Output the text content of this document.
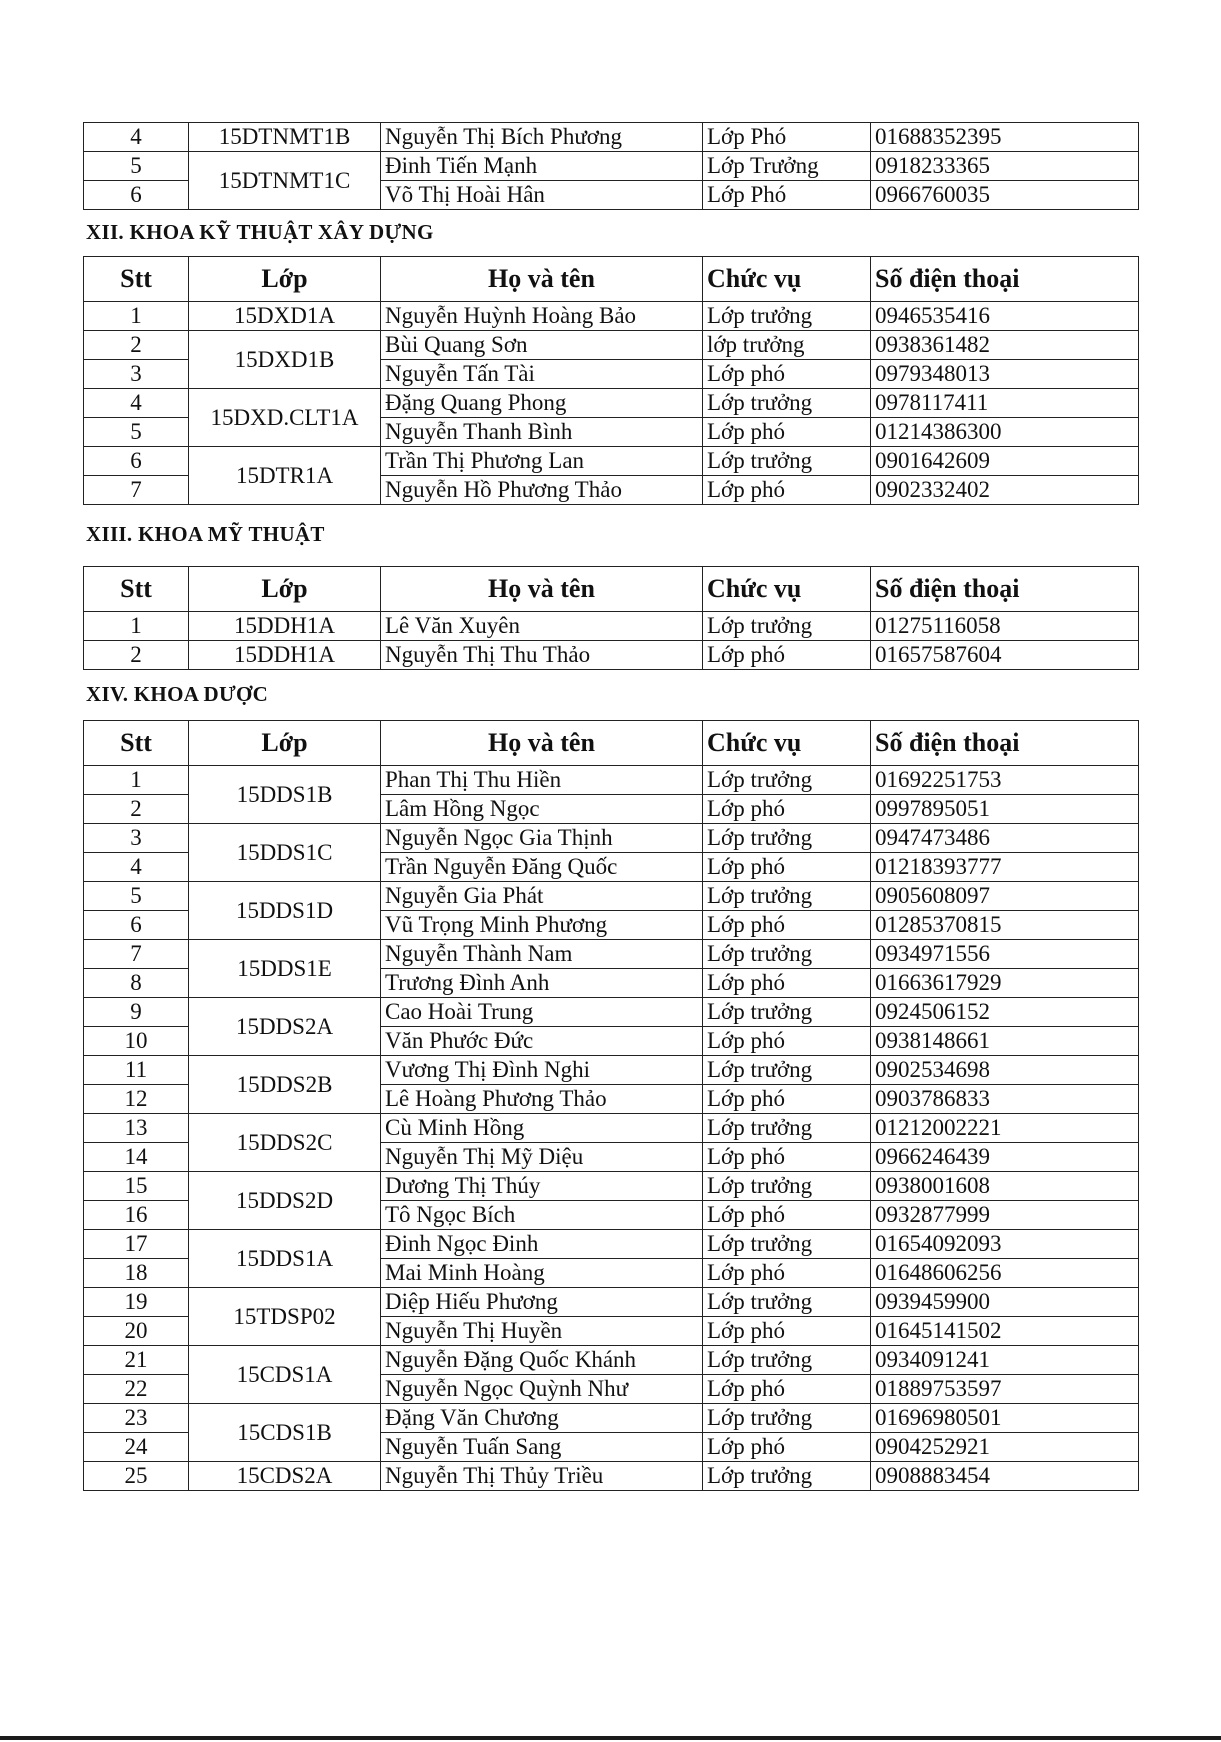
4	15DTNMT1B	Nguyễn Thị Bích Phương	Lớp Phó	01688352395
5	15DTNMT1C	Đinh Tiến Mạnh	Lớp Trưởng	0918233365
6		Võ Thị Hoài Hân	Lớp Phó	0966760035
XII. KHOA KỸ THUẬT XÂY DỰNG
Stt	Lớp	Họ và tên	Chức vụ	Số điện thoại
1	15DXD1A	Nguyễn Huỳnh Hoàng Bảo	Lớp trưởng	0946535416
2	15DXD1B	Bùi Quang Sơn	lớp trưởng	0938361482
3		Nguyễn Tấn Tài	Lớp phó	0979348013
4	15DXD.CLT1A	Đặng Quang Phong	Lớp trưởng	0978117411
5		Nguyễn Thanh Bình	Lớp phó	01214386300
6	15DTR1A	Trần Thị Phương Lan	Lớp trưởng	0901642609
7		Nguyễn Hồ Phương Thảo	Lớp phó	0902332402
XIII. KHOA MỸ THUẬT
Stt	Lớp	Họ và tên	Chức vụ	Số điện thoại
1	15DDH1A	Lê Văn Xuyên	Lớp trưởng	01275116058
2	15DDH1A	Nguyễn Thị Thu Thảo	Lớp phó	01657587604
XIV. KHOA DƯỢC
Stt	Lớp	Họ và tên	Chức vụ	Số điện thoại
1	15DDS1B	Phan Thị Thu Hiền	Lớp trưởng	01692251753
2		Lâm Hồng Ngọc	Lớp phó	0997895051
3	15DDS1C	Nguyễn Ngọc Gia Thịnh	Lớp trưởng	0947473486
4		Trần Nguyễn Đăng Quốc	Lớp phó	01218393777
5	15DDS1D	Nguyễn Gia Phát	Lớp trưởng	0905608097
6		Vũ Trọng Minh Phương	Lớp phó	01285370815
7	15DDS1E	Nguyễn Thành Nam	Lớp trưởng	0934971556
8		Trương Đình Anh	Lớp phó	01663617929
9	15DDS2A	Cao Hoài Trung	Lớp trưởng	0924506152
10		Văn Phước Đức	Lớp phó	0938148661
11	15DDS2B	Vương Thị Đình Nghi	Lớp trưởng	0902534698
12		Lê Hoàng Phương Thảo	Lớp phó	0903786833
13	15DDS2C	Cù Minh Hồng	Lớp trưởng	01212002221
14		Nguyễn Thị Mỹ Diệu	Lớp phó	0966246439
15	15DDS2D	Dương Thị Thúy	Lớp trưởng	0938001608
16		Tô Ngọc Bích	Lớp phó	0932877999
17	15DDS1A	Đinh Ngọc Đinh	Lớp trưởng	01654092093
18		Mai Minh Hoàng	Lớp phó	01648606256
19	15TDSP02	Diệp Hiếu Phương	Lớp trưởng	0939459900
20		Nguyễn Thị Huyền	Lớp phó	01645141502
21	15CDS1A	Nguyễn Đặng Quốc Khánh	Lớp trưởng	0934091241
22		Nguyễn Ngọc Quỳnh Như	Lớp phó	01889753597
23	15CDS1B	Đặng Văn Chương	Lớp trưởng	01696980501
24		Nguyễn Tuấn Sang	Lớp phó	0904252921
25	15CDS2A	Nguyễn Thị Thủy Triều	Lớp trưởng	0908883454
